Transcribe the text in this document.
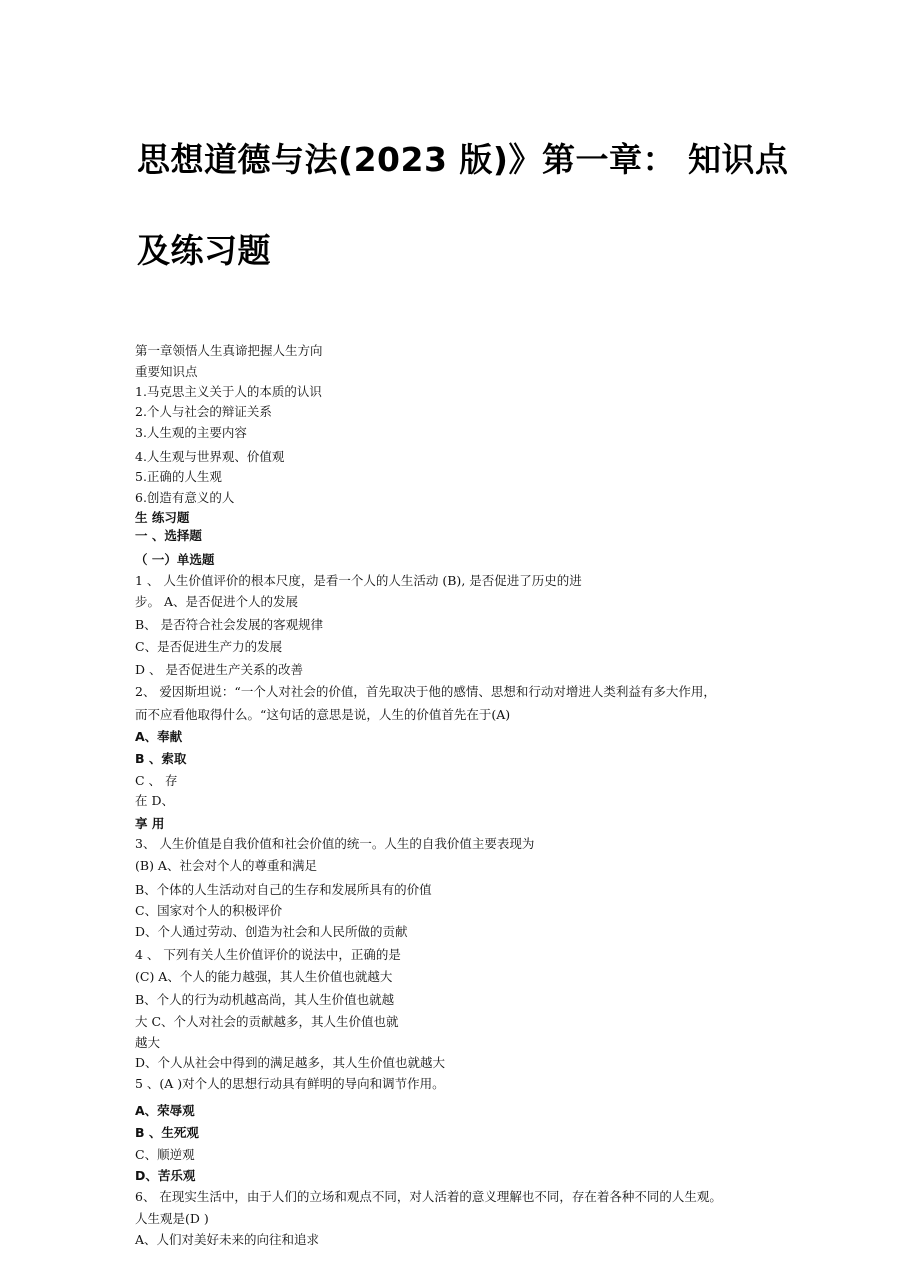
思想道德与法(2023 版)》第一章： 知识点
及练习题

第一章领悟人生真谛把握人生方向

重要知识点

1.马克思主义关于人的本质的认识

2.个人与社会的辩证关系

3.人生观的主要内容

4.人生观与世界观、价值观

5.正确的人生观

6.创造有意义的人

生 练习题

一 、选择题

（ 一）单选题

1 、 人生价值评价的根本尺度，是看一个人的人生活动 (B), 是否促进了历史的进

步。 A、是否促进个人的发展

B、 是否符合社会发展的客观规律

C、是否促进生产力的发展

D 、 是否促进生产关系的改善

2、 爱因斯坦说：“一个人对社会的价值，首先取决于他的感情、思想和行动对增进人类利益有多大作用，

而不应看他取得什么。“这句话的意思是说，人生的价值首先在于(A)

A、奉献

B 、索取

C 、 存

在 D、

享 用

3、 人生价值是自我价值和社会价值的统一。人生的自我价值主要表现为

(B) A、社会对个人的尊重和满足

B、个体的人生活动对自己的生存和发展所具有的价值

C、国家对个人的积极评价

D、个人通过劳动、创造为社会和人民所做的贡献

4 、 下列有关人生价值评价的说法中，正确的是

(C) A、个人的能力越强，其人生价值也就越大

B、个人的行为动机越高尚，其人生价值也就越

大 C、个人对社会的贡献越多，其人生价值也就

越大

D、个人从社会中得到的满足越多，其人生价值也就越大

5 、(A )对个人的思想行动具有鲜明的导向和调节作用。

A、荣辱观

B 、生死观

C、顺逆观

D、苦乐观

6、 在现实生活中，由于人们的立场和观点不同，对人活着的意义理解也不同，存在着各种不同的人生观。

人生观是(D )

A、人们对美好未来的向往和追求
